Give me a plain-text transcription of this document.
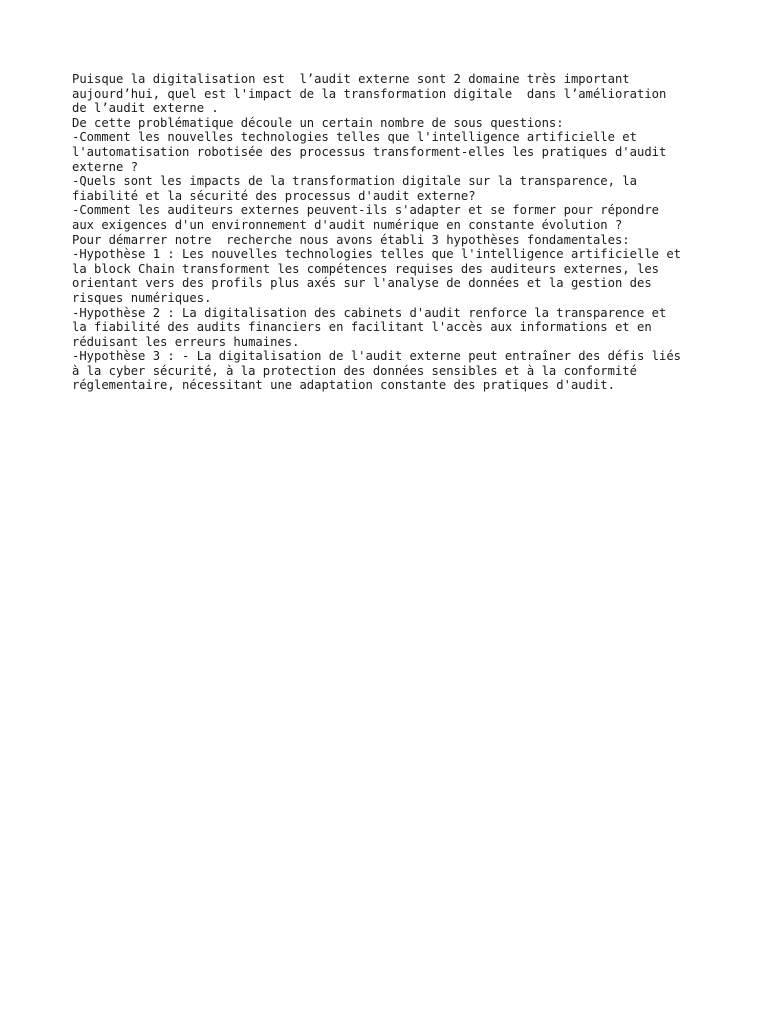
Puisque la digitalisation est  l’audit externe sont 2 domaine très important
aujourd’hui, quel est l'impact de la transformation digitale  dans l’amélioration
de l’audit externe .
De cette problématique découle un certain nombre de sous questions:
-Comment les nouvelles technologies telles que l'intelligence artificielle et
l'automatisation robotisée des processus transforment-elles les pratiques d'audit
externe ?
-Quels sont les impacts de la transformation digitale sur la transparence, la
fiabilité et la sécurité des processus d'audit externe?
-Comment les auditeurs externes peuvent-ils s'adapter et se former pour répondre
aux exigences d'un environnement d'audit numérique en constante évolution ?
Pour démarrer notre  recherche nous avons établi 3 hypothèses fondamentales:
-Hypothèse 1 : Les nouvelles technologies telles que l'intelligence artificielle et
la block Chain transforment les compétences requises des auditeurs externes, les
orientant vers des profils plus axés sur l'analyse de données et la gestion des
risques numériques.
-Hypothèse 2 : La digitalisation des cabinets d'audit renforce la transparence et
la fiabilité des audits financiers en facilitant l'accès aux informations et en
réduisant les erreurs humaines.
-Hypothèse 3 : - La digitalisation de l'audit externe peut entraîner des défis liés
à la cyber sécurité, à la protection des données sensibles et à la conformité
réglementaire, nécessitant une adaptation constante des pratiques d'audit.
